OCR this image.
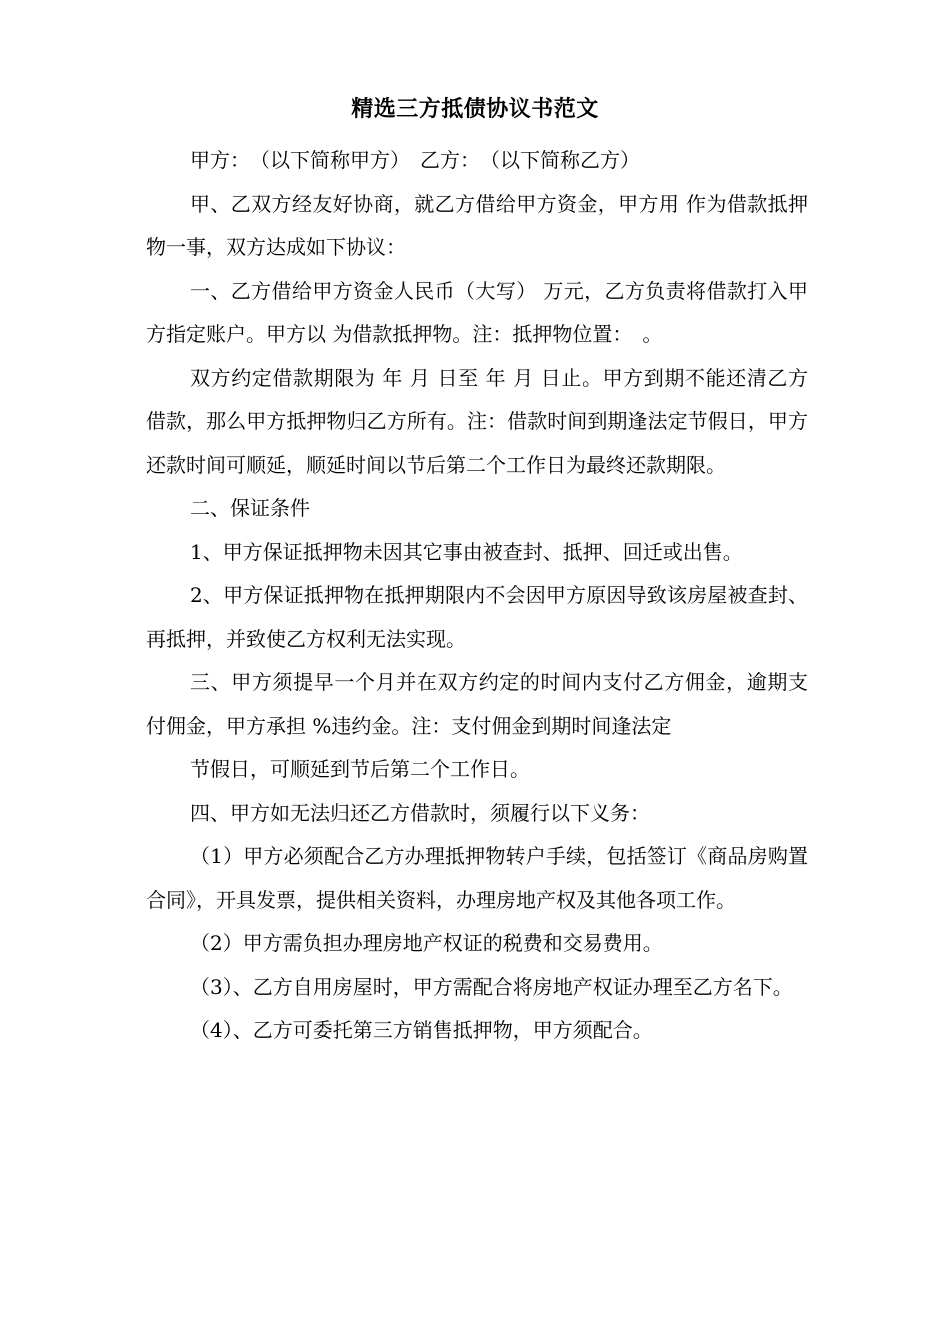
精选三方抵债协议书范文

甲方：　（以下简称甲方）　乙方：　（以下简称乙方）

甲、乙双方经友好协商，就乙方借给甲方资金，甲方用 作为借款抵押物一事，双方达成如下协议：

一、乙方借给甲方资金人民币（大写） 万元，乙方负责将借款打入甲方指定账户。甲方以 为借款抵押物。注：抵押物位置：　。

双方约定借款期限为 年 月 日至 年 月 日止。甲方到期不能还清乙方借款，那么甲方抵押物归乙方所有。注：借款时间到期逢法定节假日，甲方还款时间可顺延，顺延时间以节后第二个工作日为最终还款期限。

二、保证条件

1、甲方保证抵押物未因其它事由被查封、抵押、回迁或出售。

2、甲方保证抵押物在抵押期限内不会因甲方原因导致该房屋被查封、再抵押，并致使乙方权利无法实现。

三、甲方须提早一个月并在双方约定的时间内支付乙方佣金，逾期支付佣金，甲方承担 %违约金。注：支付佣金到期时间逢法定

节假日，可顺延到节后第二个工作日。

四、甲方如无法归还乙方借款时，须履行以下义务：

（1）甲方必须配合乙方办理抵押物转户手续，包括签订《商品房购置合同》，开具发票，提供相关资料，办理房地产权及其他各项工作。

（2）甲方需负担办理房地产权证的税费和交易费用。

（3）、乙方自用房屋时，甲方需配合将房地产权证办理至乙方名下。

（4）、乙方可委托第三方销售抵押物，甲方须配合。
